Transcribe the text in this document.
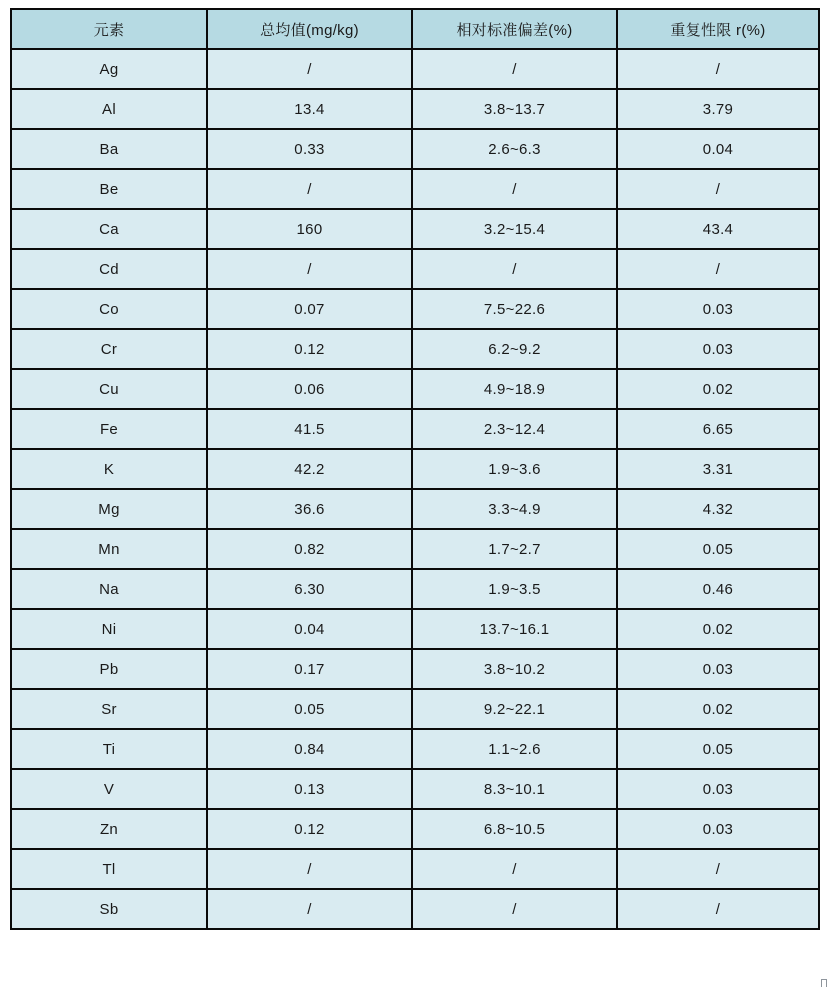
元素	总均值(mg/kg)	相对标准偏差(%)	重复性限 r(%)
Ag	/	/	/
Al	13.4	3.8~13.7	3.79
Ba	0.33	2.6~6.3	0.04
Be	/	/	/
Ca	160	3.2~15.4	43.4
Cd	/	/	/
Co	0.07	7.5~22.6	0.03
Cr	0.12	6.2~9.2	0.03
Cu	0.06	4.9~18.9	0.02
Fe	41.5	2.3~12.4	6.65
K	42.2	1.9~3.6	3.31
Mg	36.6	3.3~4.9	4.32
Mn	0.82	1.7~2.7	0.05
Na	6.30	1.9~3.5	0.46
Ni	0.04	13.7~16.1	0.02
Pb	0.17	3.8~10.2	0.03
Sr	0.05	9.2~22.1	0.02
Ti	0.84	1.1~2.6	0.05
V	0.13	8.3~10.1	0.03
Zn	0.12	6.8~10.5	0.03
Tl	/	/	/
Sb	/	/	/
